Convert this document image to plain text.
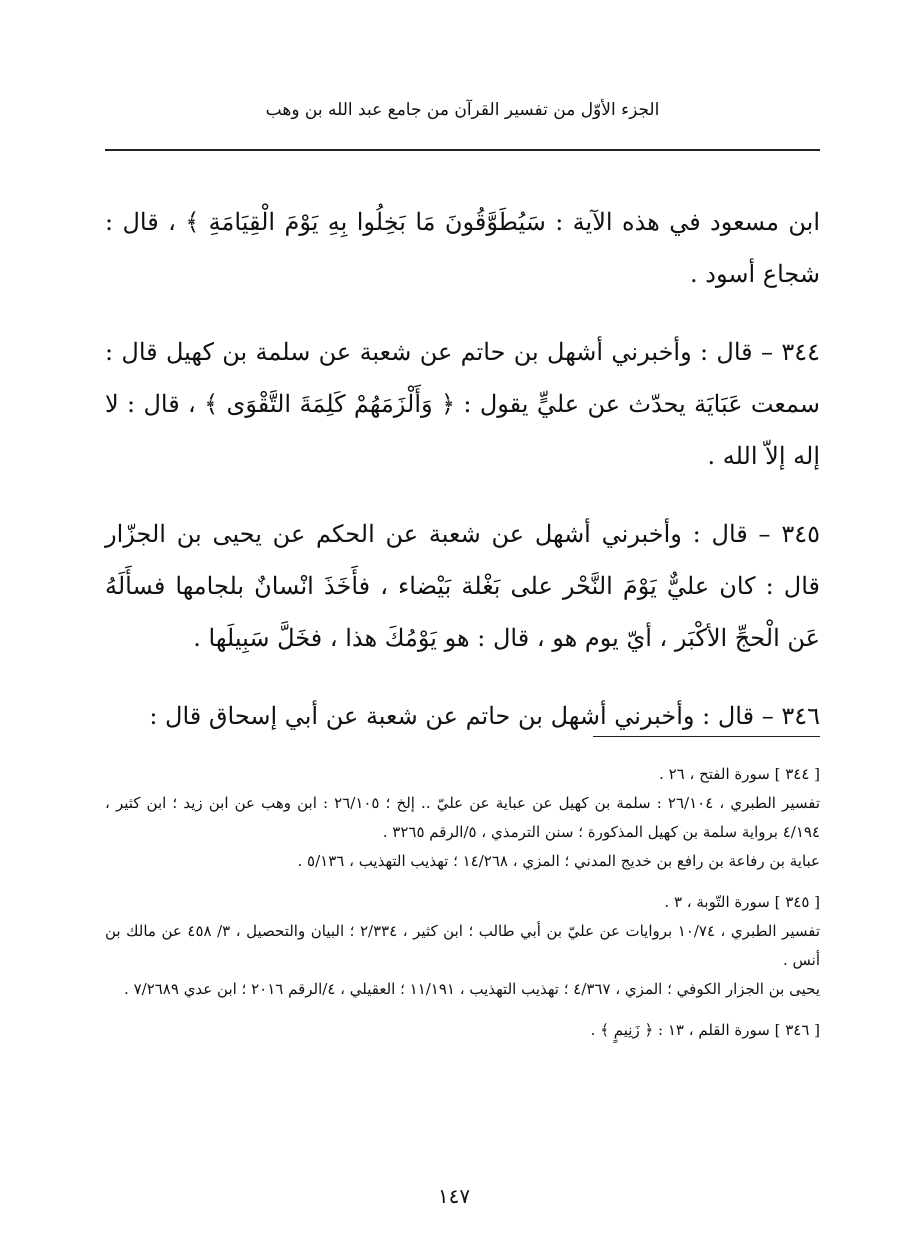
الجزء الأوّل من تفسير القرآن من جامع عبد الله بن وهب

ابن مسعود في هذه الآية : سَيُطَوَّقُونَ مَا بَخِلُوا بِهِ يَوْمَ الْقِيَامَةِ ﴾ ، قال : شجاع أسود .

٣٤٤ – قال : وأخبرني أشهل بن حاتم عن شعبة عن سلمة بن كهيل قال : سمعت عَبَايَة يحدّث عن عليٍّ يقول : ﴿ وَأَلْزَمَهُمْ كَلِمَةَ التَّقْوَى ﴾ ، قال : لا إله إلاّ الله .

٣٤٥ – قال : وأخبرني أشهل عن شعبة عن الحكم عن يحيى بن الجزّار قال : كان عليٌّ يَوْمَ النَّحْر على بَغْلة بَيْضاء ، فأَخَذَ انْسانٌ بلجامها فسأَلَهُ عَن الْحجِّ الأكْبَر ، أيّ يوم هو ، قال : هو يَوْمُكَ هذا ، فخَلَّ سَبِيلَها .

٣٤٦ – قال : وأخبرني أشهل بن حاتم عن شعبة عن أبي إسحاق قال :

[ ٣٤٤ ] سورة الفتح ، ٢٦ .

تفسير الطبري ، ٢٦/١٠٤ : سلمة بن كهيل عن عباية عن عليّ .. إلخ ؛ ٢٦/١٠٥ : ابن وهب عن ابن زيد ؛ ابن كثير ، ٤/١٩٤ برواية سلمة بن كهيل المذكورة ؛ سنن الترمذي ، ٥/الرقم ٣٢٦٥ .

عباية بن رفاعة بن رافع بن خديج المدني ؛ المزي ، ١٤/٢٦٨ ؛ تهذيب التهذيب ، ٥/١٣٦ .

[ ٣٤٥ ] سورة التّوبة ، ٣ .

تفسير الطبري ، ١٠/٧٤ بروايات عن عليّ بن أبي طالب ؛ ابن كثير ، ٢/٣٣٤ ؛ البيان والتحصيل ، ٣/ ٤٥٨ عن مالك بن أنس .

يحيى بن الجزار الكوفي ؛ المزي ، ٤/٣٦٧ ؛ تهذيب التهذيب ، ١١/١٩١ ؛ العقيلي ، ٤/الرقم ٢٠١٦ ؛ ابن عدي ٧/٢٦٨٩ .

[ ٣٤٦ ] سورة القلم ، ١٣ : ﴿ زَنِيمٍ ﴾ .

١٤٧
